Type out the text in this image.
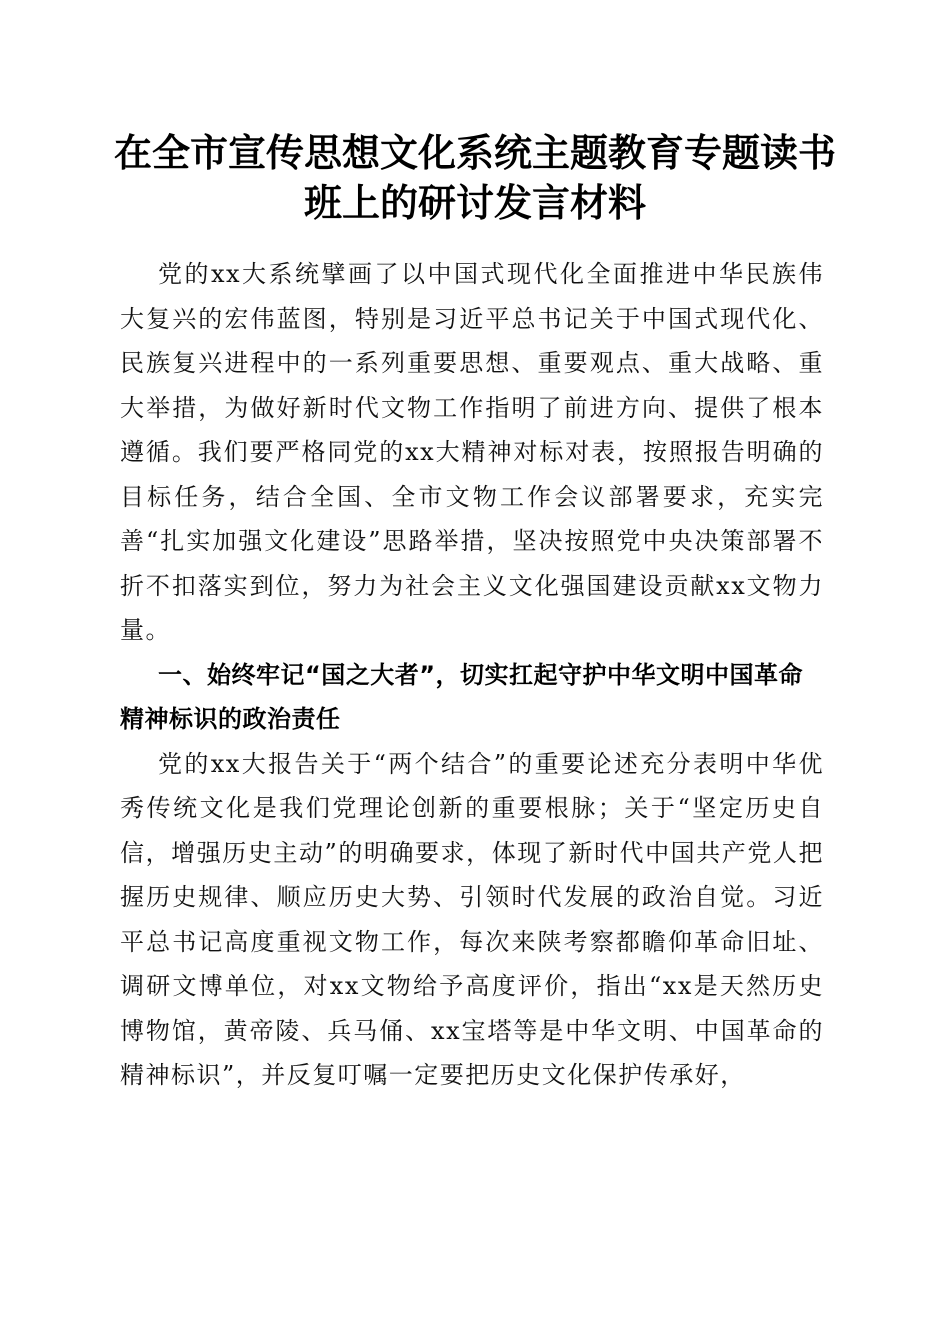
在全市宣传思想文化系统主题教育专题读书班上的研讨发言材料

党的xx大系统擘画了以中国式现代化全面推进中华民族伟大复兴的宏伟蓝图，特别是习近平总书记关于中国式现代化、民族复兴进程中的一系列重要思想、重要观点、重大战略、重大举措，为做好新时代文物工作指明了前进方向、提供了根本遵循。我们要严格同党的xx大精神对标对表，按照报告明确的目标任务，结合全国、全市文物工作会议部署要求，充实完善“扎实加强文化建设”思路举措，坚决按照党中央决策部署不折不扣落实到位，努力为社会主义文化强国建设贡献xx文物力量。

一、始终牢记“国之大者”，切实扛起守护中华文明中国革命精神标识的政治责任

党的xx大报告关于“两个结合”的重要论述充分表明中华优秀传统文化是我们党理论创新的重要根脉；关于“坚定历史自信，增强历史主动”的明确要求，体现了新时代中国共产党人把握历史规律、顺应历史大势、引领时代发展的政治自觉。习近平总书记高度重视文物工作，每次来陕考察都瞻仰革命旧址、调研文博单位，对xx文物给予高度评价，指出“xx是天然历史博物馆，黄帝陵、兵马俑、xx宝塔等是中华文明、中国革命的精神标识”，并反复叮嘱一定要把历史文化保护传承好，
